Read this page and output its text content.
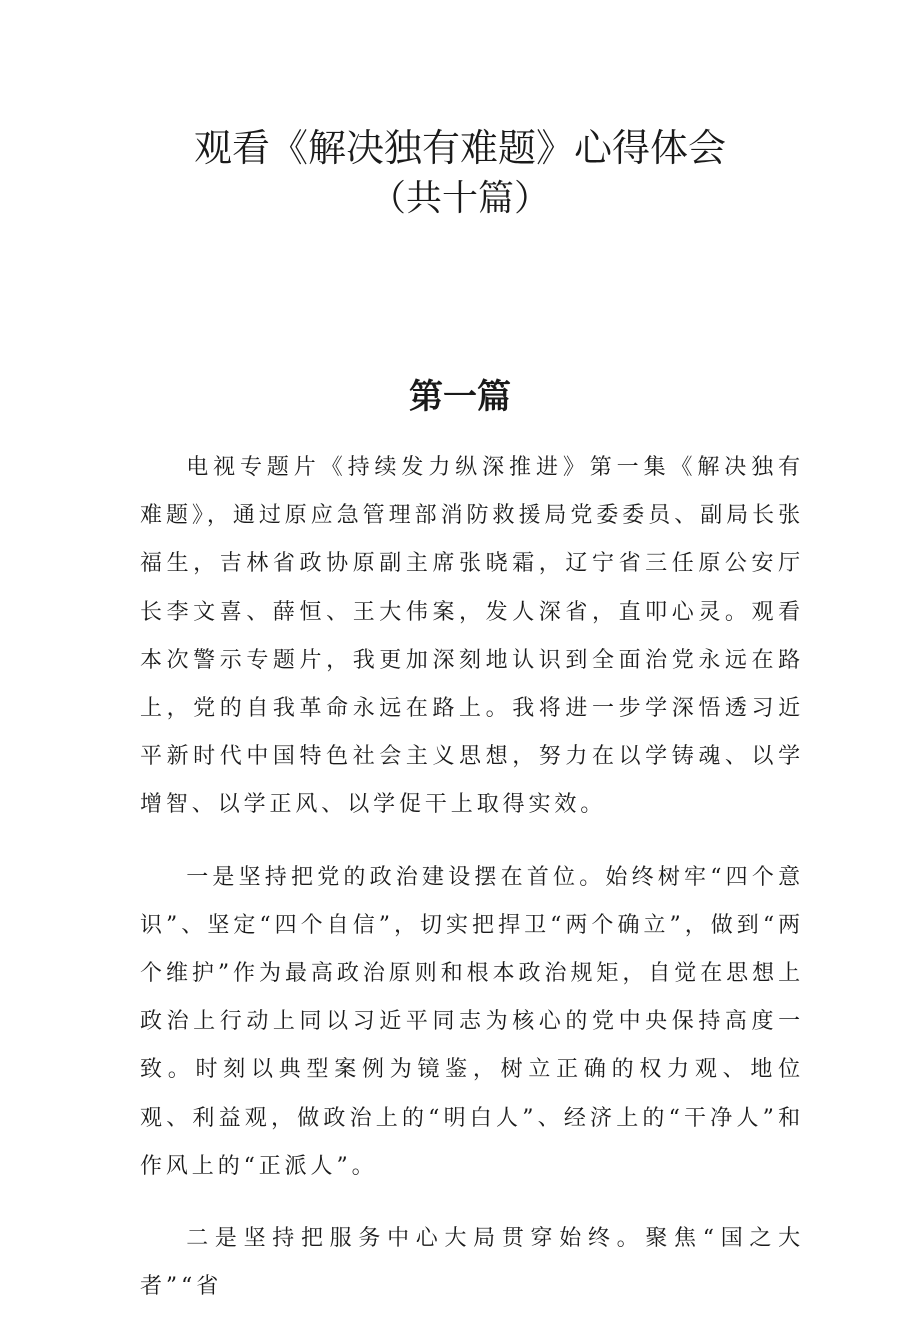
观看《解决独有难题》心得体会
（共十篇）
第一篇

电视专题片《持续发力纵深推进》第一集《解决独有难题》，通过原应急管理部消防救援局党委委员、副局长张福生，吉林省政协原副主席张晓霜，辽宁省三任原公安厅长李文喜、薛恒、王大伟案，发人深省，直叩心灵。观看本次警示专题片，我更加深刻地认识到全面治党永远在路上，党的自我革命永远在路上。我将进一步学深悟透习近平新时代中国特色社会主义思想，努力在以学铸魂、以学增智、以学正风、以学促干上取得实效。

一是坚持把党的政治建设摆在首位。始终树牢“四个意识”、坚定“四个自信”，切实把捍卫“两个确立”，做到“两个维护”作为最高政治原则和根本政治规矩，自觉在思想上政治上行动上同以习近平同志为核心的党中央保持高度一致。时刻以典型案例为镜鉴，树立正确的权力观、地位观、利益观，做政治上的“明白人”、经济上的“干净人”和作风上的“正派人”。

二是坚持把服务中心大局贯穿始终。聚焦“国之大者”“省
